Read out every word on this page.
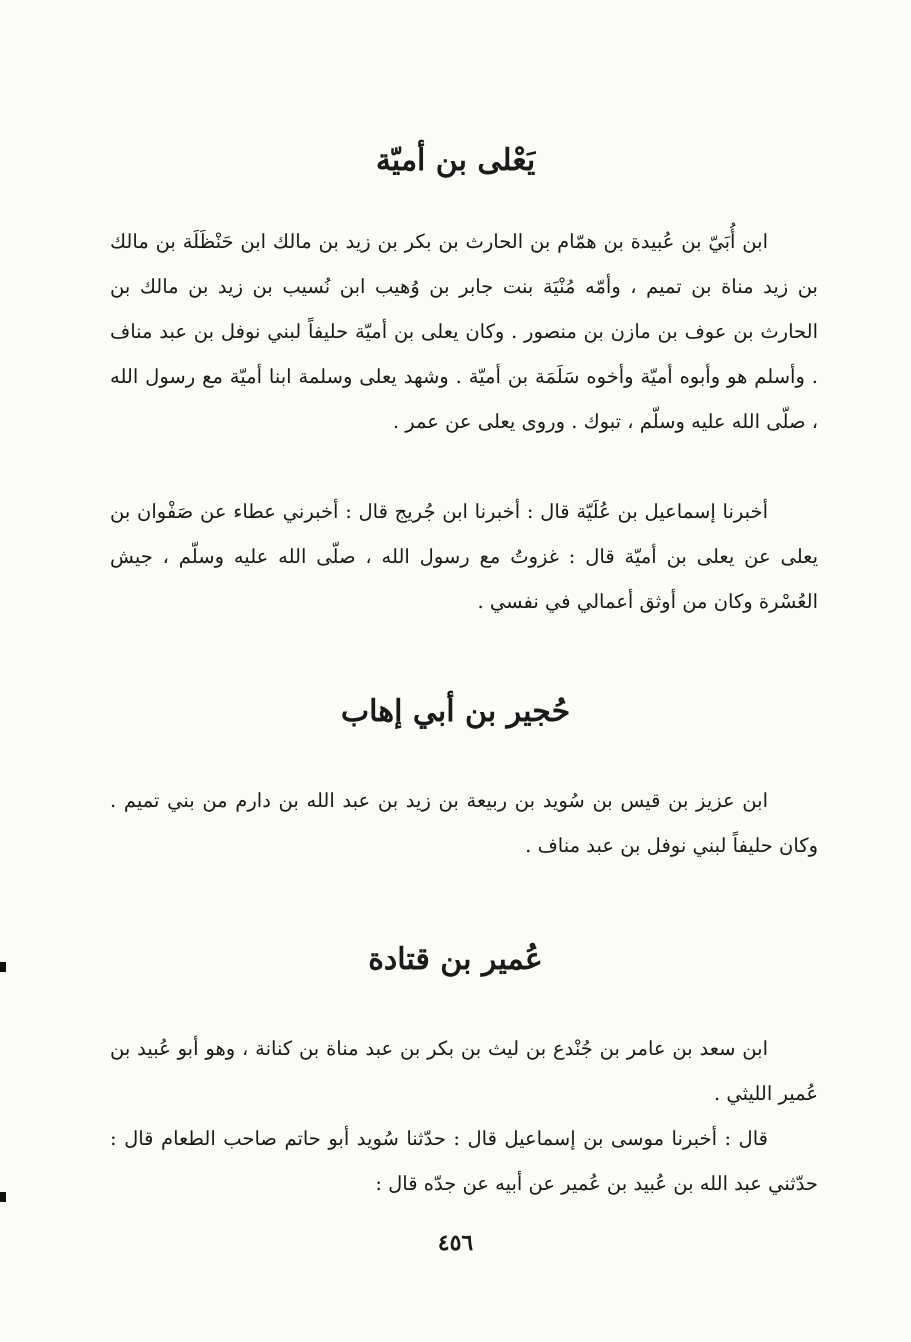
يَعْلى بن أميّة

ابن أُبَيّ بن عُبيدة بن همّام بن الحارث بن بكر بن زيد بن مالك ابن حَنْظَلَة بن مالك بن زيد مناة بن تميم ، وأمّه مُنْيَة بنت جابر بن وُهيب ابن نُسيب بن زيد بن مالك بن الحارث بن عوف بن مازن بن منصور . وكان يعلى بن أميّة حليفاً لبني نوفل بن عبد مناف . وأسلم هو وأبوه أميّة وأخوه سَلَمَة بن أميّة . وشهد يعلى وسلمة ابنا أميّة مع رسول الله ، صلّى الله عليه وسلّم ، تبوك . وروى يعلى عن عمر .

أخبرنا إسماعيل بن عُلَيّة قال : أخبرنا ابن جُريج قال : أخبرني عطاء عن صَفْوان بن يعلى عن يعلى بن أميّة قال : غزوتُ مع رسول الله ، صلّى الله عليه وسلّم ، جيش العُسْرة وكان من أوثق أعمالي في نفسي .

حُجير بن أبي إهاب

ابن عزيز بن قيس بن سُويد بن ربيعة بن زيد بن عبد الله بن دارم من بني تميم . وكان حليفاً لبني نوفل بن عبد مناف .

عُمير بن قتادة

ابن سعد بن عامر بن جُنْدع بن ليث بن بكر بن عبد مناة بن كنانة ، وهو أبو عُبيد بن عُمير الليثي .

قال : أخبرنا موسى بن إسماعيل قال : حدّثنا سُويد أبو حاتم صاحب الطعام قال : حدّثني عبد الله بن عُبيد بن عُمير عن أبيه عن جدّه قال :

٤٥٦
